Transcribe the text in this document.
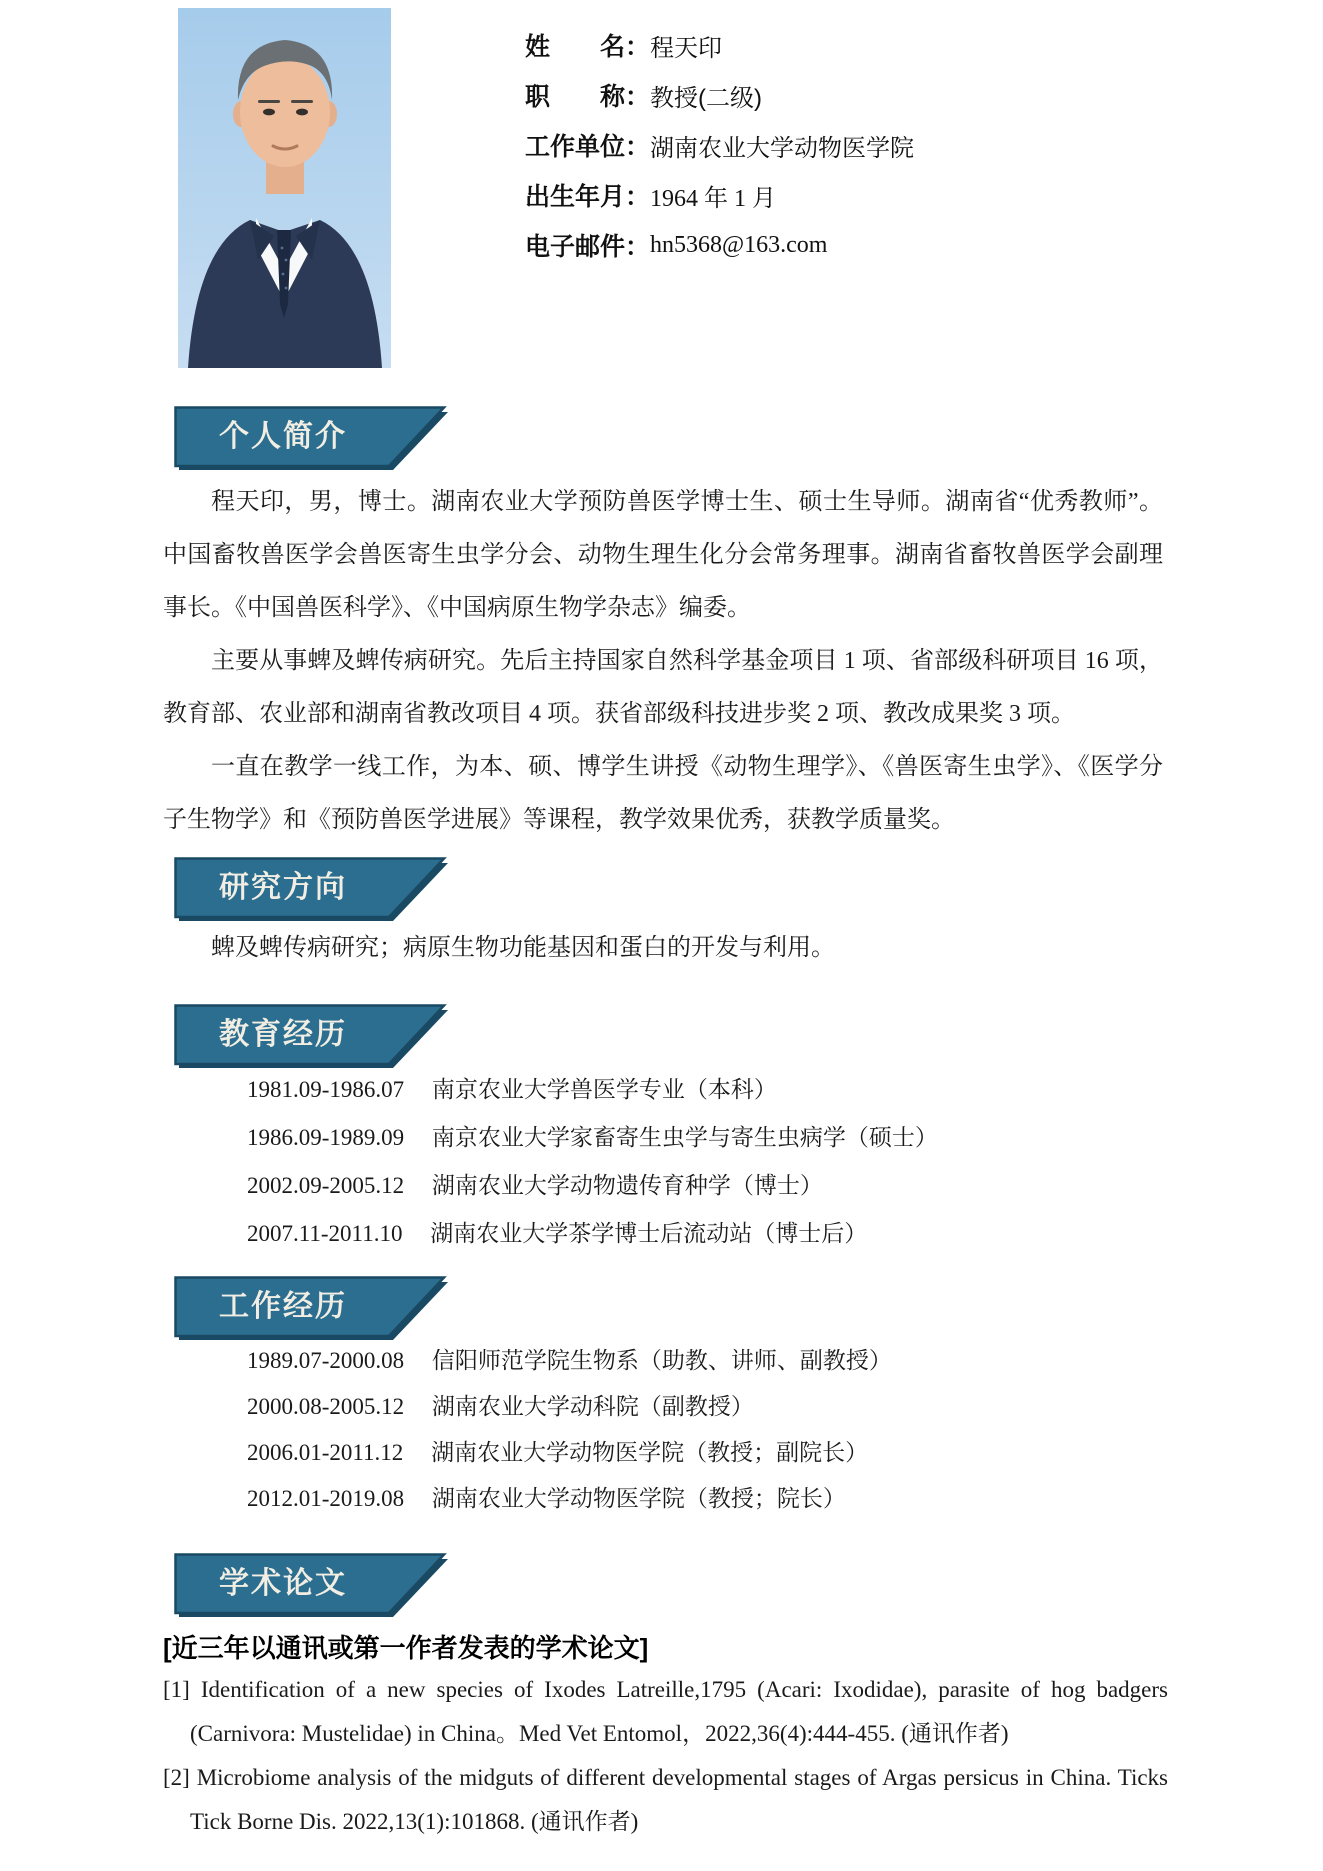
姓　　名： 程天印
职　　称： 教授(二级)
工作单位： 湖南农业大学动物医学院
出生年月： 1964 年 1 月
电子邮件： hn5368@163.com
个人简介

程天印，男，博士。湖南农业大学预防兽医学博士生、硕士生导师。湖南省“优秀教师”。中国畜牧兽医学会兽医寄生虫学分会、动物生理生化分会常务理事。湖南省畜牧兽医学会副理事长。《中国兽医科学》、《中国病原生物学杂志》编委。

主要从事蜱及蜱传病研究。先后主持国家自然科学基金项目 1 项、省部级科研项目 16 项，教育部、农业部和湖南省教改项目 4 项。获省部级科技进步奖 2 项、教改成果奖 3 项。

一直在教学一线工作，为本、硕、博学生讲授《动物生理学》、《兽医寄生虫学》、《医学分子生物学》和《预防兽医学进展》等课程，教学效果优秀，获教学质量奖。

研究方向

蜱及蜱传病研究；病原生物功能基因和蛋白的开发与利用。

教育经历
1981.09-1986.07 南京农业大学兽医学专业（本科）
1986.09-1989.09 南京农业大学家畜寄生虫学与寄生虫病学（硕士）
2002.09-2005.12 湖南农业大学动物遗传育种学（博士）
2007.11-2011.10 湖南农业大学茶学博士后流动站（博士后）
工作经历
1989.07-2000.08 信阳师范学院生物系（助教、讲师、副教授）
2000.08-2005.12 湖南农业大学动科院（副教授）
2006.01-2011.12 湖南农业大学动物医学院（教授；副院长）
2012.01-2019.08 湖南农业大学动物医学院（教授；院长）
学术论文
[近三年以通讯或第一作者发表的学术论文]

[1] Identification of a new species of Ixodes Latreille,1795 (Acari: Ixodidae), parasite of hog badgers (Carnivora: Mustelidae) in China。Med Vet Entomol，2022,36(4):444-455. (通讯作者)

[2] Microbiome analysis of the midguts of different developmental stages of Argas persicus in China. Ticks Tick Borne Dis. 2022,13(1):101868. (通讯作者)
